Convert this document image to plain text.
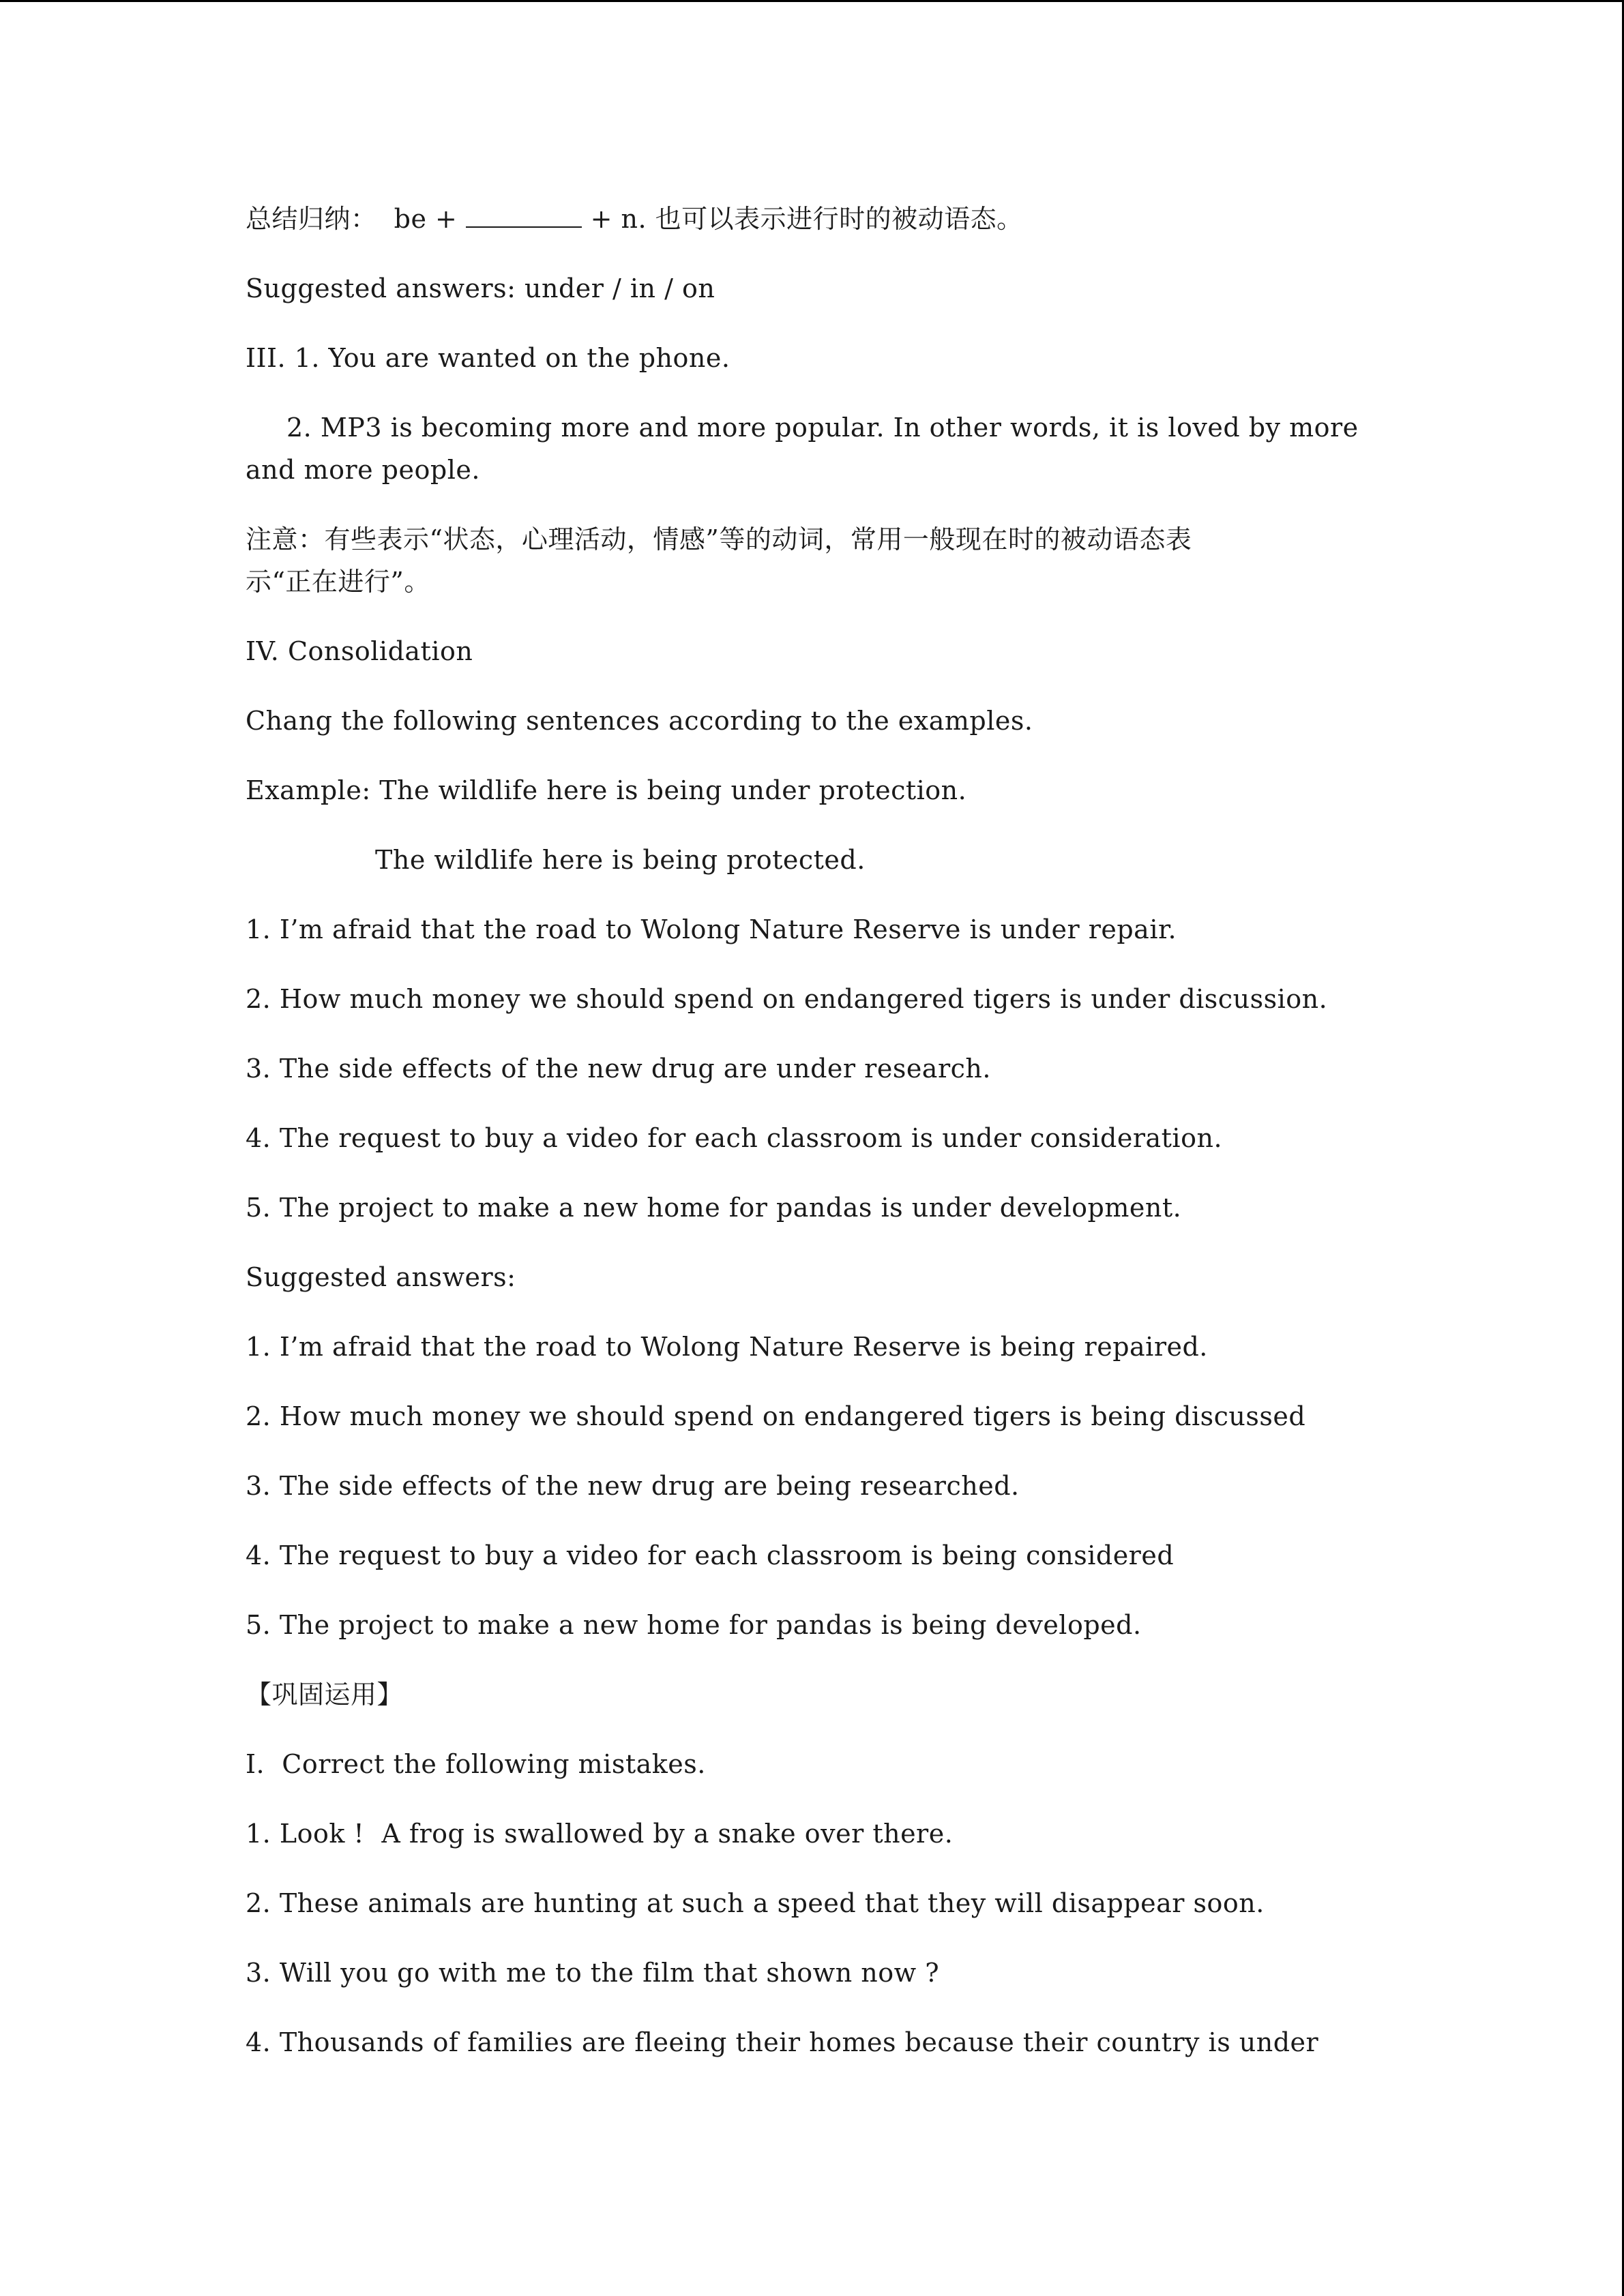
总结归纳：  be +	+ n. 也可以表示进行时的被动语态。
Suggested answers: under / in / on
III. 1. You are wanted on the phone.
2. MP3 is becoming more and more popular. In other words, it is loved by more
and more people.
注意：有些表示“状态，心理活动，情感”等的动词，常用一般现在时的被动语态表
示“正在进行”。
IV. Consolidation
Chang the following sentences according to the examples.
Example: The wildlife here is being under protection.
The wildlife here is being protected.
1. I’m afraid that the road to Wolong Nature Reserve is under repair.
2. How much money we should spend on endangered tigers is under discussion.
3. The side effects of the new drug are under research.
4. The request to buy a video for each classroom is under consideration.
5. The project to make a new home for pandas is under development.
Suggested answers:
1. I’m afraid that the road to Wolong Nature Reserve is being repaired.
2. How much money we should spend on endangered tigers is being discussed
3. The side effects of the new drug are being researched.
4. The request to buy a video for each classroom is being considered
5. The project to make a new home for pandas is being developed.
【巩固运用】
I.  Correct the following mistakes.
1. Look !  A frog is swallowed by a snake over there.
2. These animals are hunting at such a speed that they will disappear soon.
3. Will you go with me to the film that shown now ?
4. Thousands of families are fleeing their homes because their country is under
